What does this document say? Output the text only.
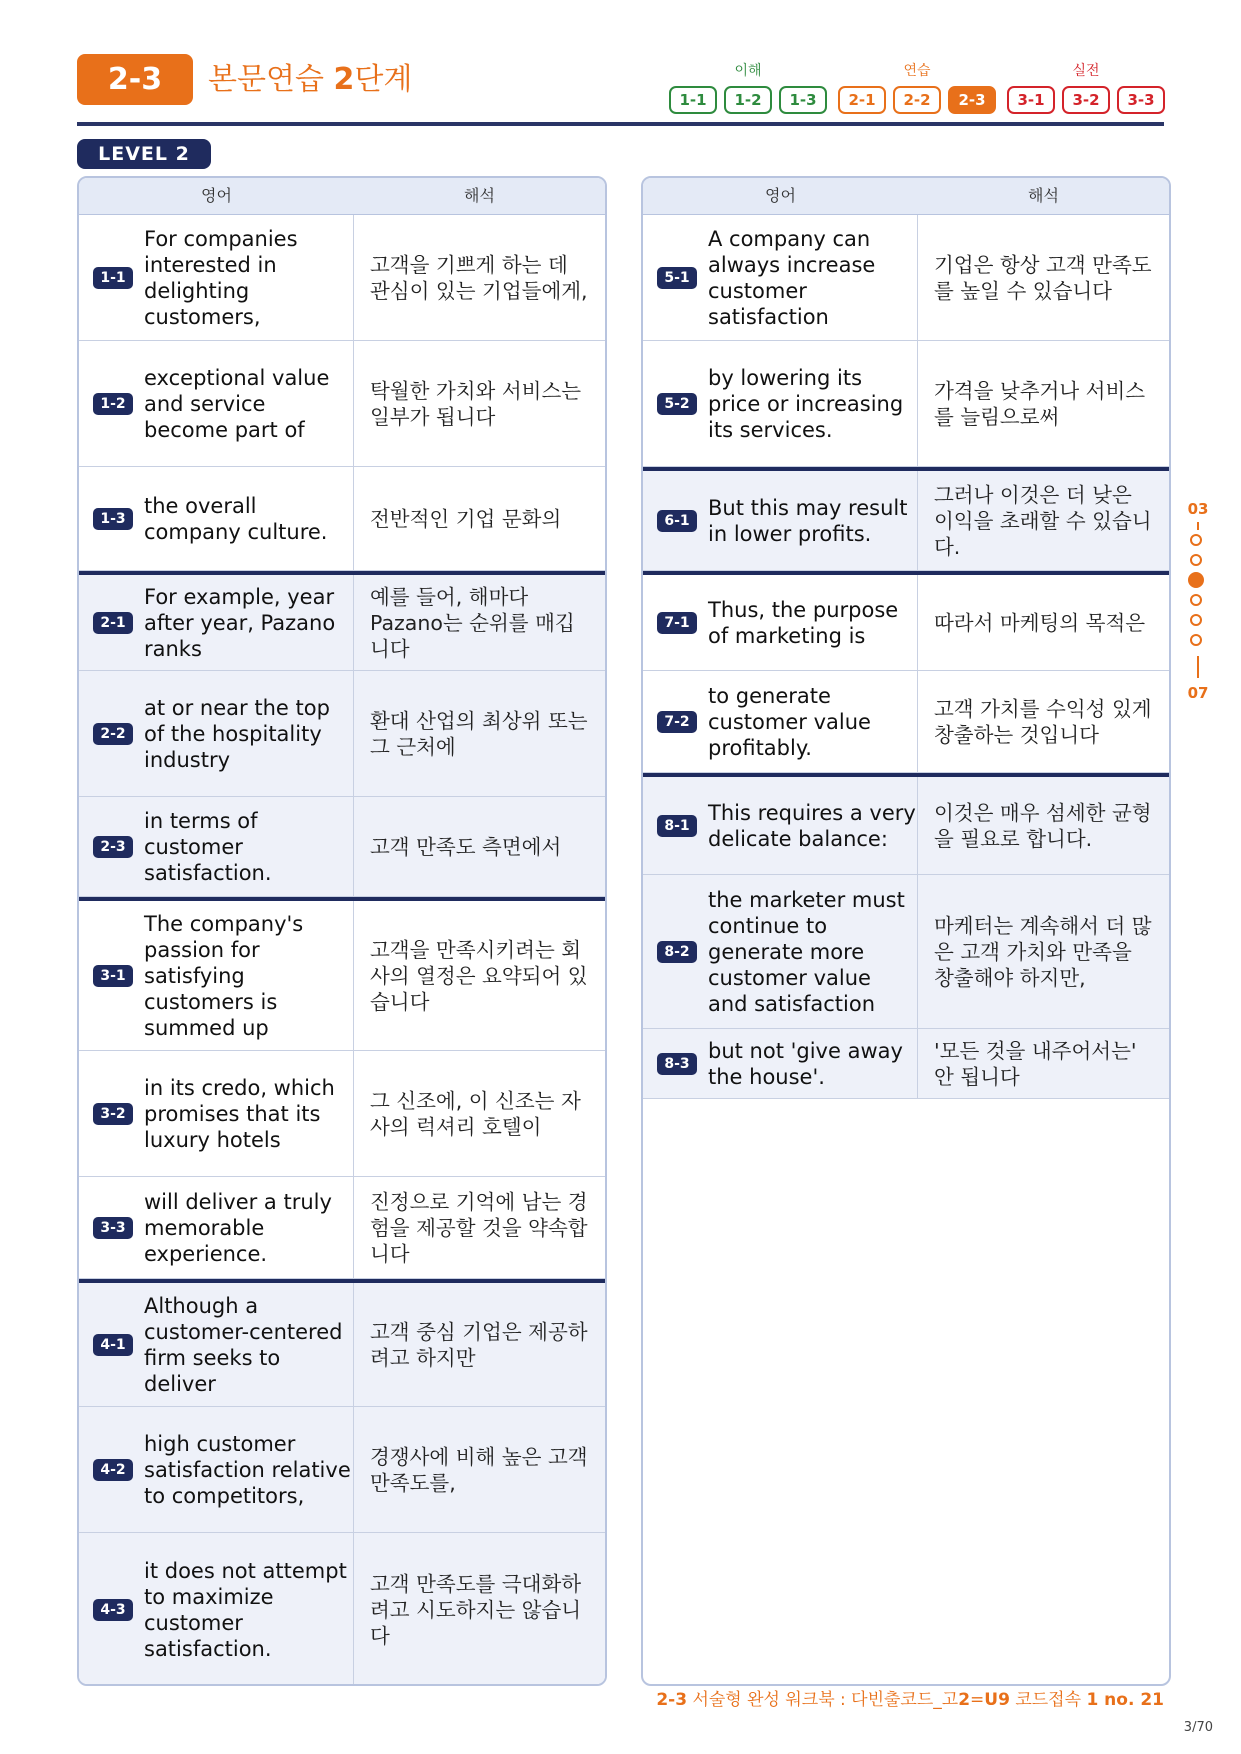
2-3	본문연습 2단계	이해
1-1	1-2	1-3
연습
2-1	2-2	2-3
실전
3-1	3-2	3-3
LEVEL 2
영어	해석
1-1
For companies interested in delighting customers,
고객을 기쁘게 하는 데 관심이 있는 기업들에게,
1-2
exceptional value and service become part of
탁월한 가치와 서비스는 일부가 됩니다
1-3
the overall company culture.
전반적인 기업 문화의
2-1
For example, year after year, Pazano ranks
예를 들어, 해마다 Pazano는 순위를 매깁니다
2-2
at or near the top of the hospitality industry
환대 산업의 최상위 또는 그 근처에
2-3
in terms of customer satisfaction.
고객 만족도 측면에서
3-1
The company's passion for satisfying customers is summed up
고객을 만족시키려는 회사의 열정은 요약되어 있습니다
3-2
in its credo, which promises that its luxury hotels
그 신조에, 이 신조는 자사의 럭셔리 호텔이
3-3
will deliver a truly memorable experience.
진정으로 기억에 남는 경험을 제공할 것을 약속합니다
4-1
Although a customer-centered firm seeks to deliver
고객 중심 기업은 제공하려고 하지만
4-2
high customer satisfaction relative to competitors,
경쟁사에 비해 높은 고객 만족도를,
4-3
it does not attempt to maximize customer satisfaction.
고객 만족도를 극대화하려고 시도하지는 않습니다
영어	해석
5-1
A company can always increase customer satisfaction
기업은 항상 고객 만족도를 높일 수 있습니다
5-2
by lowering its price or increasing its services.
가격을 낮추거나 서비스를 늘림으로써
6-1
But this may result in lower profits.
그러나 이것은 더 낮은 이익을 초래할 수 있습니다.
7-1
Thus, the purpose of marketing is
따라서 마케팅의 목적은
7-2
to generate customer value profitably.
고객 가치를 수익성 있게 창출하는 것입니다
8-1
This requires a very delicate balance:
이것은 매우 섬세한 균형을 필요로 합니다.
8-2
the marketer must continue to generate more customer value and satisfaction
마케터는 계속해서 더 많은 고객 가치와 만족을 창출해야 하지만,
8-3
but not 'give away the house'.
'모든 것을 내주어서는' 안 됩니다
03
07
2-3 서술형 완성 워크북 : 다빈출코드_고2=U9 코드접속 1 no. 21
3/70
